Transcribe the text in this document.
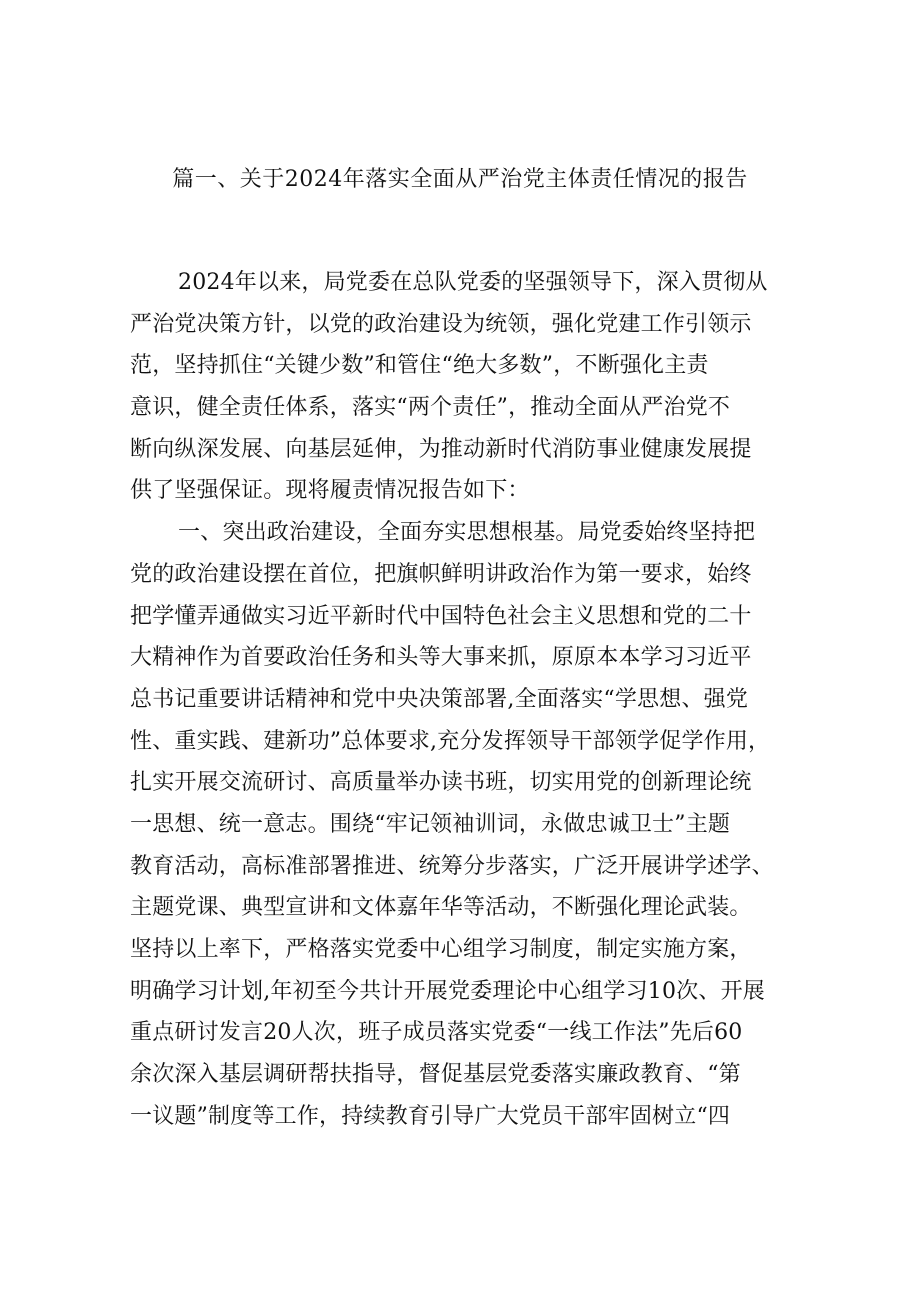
篇一、关于2024年落实全面从严治党主体责任情况的报告
2024年以来，局党委在总队党委的坚强领导下，深入贯彻从
严治党决策方针，以党的政治建设为统领，强化党建工作引领示
范，坚持抓住“关键少数”和管住“绝大多数”，不断强化主责
意识，健全责任体系，落实“两个责任”，推动全面从严治党不
断向纵深发展、向基层延伸，为推动新时代消防事业健康发展提
供了坚强保证。现将履责情况报告如下：
一、突出政治建设，全面夯实思想根基。局党委始终坚持把
党的政治建设摆在首位，把旗帜鲜明讲政治作为第一要求，始终
把学懂弄通做实习近平新时代中国特色社会主义思想和党的二十
大精神作为首要政治任务和头等大事来抓，原原本本学习习近平
总书记重要讲话精神和党中央决策部署,全面落实“学思想、强党
性、重实践、建新功”总体要求,充分发挥领导干部领学促学作用，
扎实开展交流研讨、高质量举办读书班，切实用党的创新理论统
一思想、统一意志。围绕“牢记领袖训词，永做忠诚卫士”主题
教育活动，高标准部署推进、统筹分步落实，广泛开展讲学述学、
主题党课、典型宣讲和文体嘉年华等活动，不断强化理论武装。
坚持以上率下，严格落实党委中心组学习制度，制定实施方案，
明确学习计划,年初至今共计开展党委理论中心组学习10次、开展
重点研讨发言20人次，班子成员落实党委“一线工作法”先后60
余次深入基层调研帮扶指导，督促基层党委落实廉政教育、“第
一议题”制度等工作，持续教育引导广大党员干部牢固树立“四
